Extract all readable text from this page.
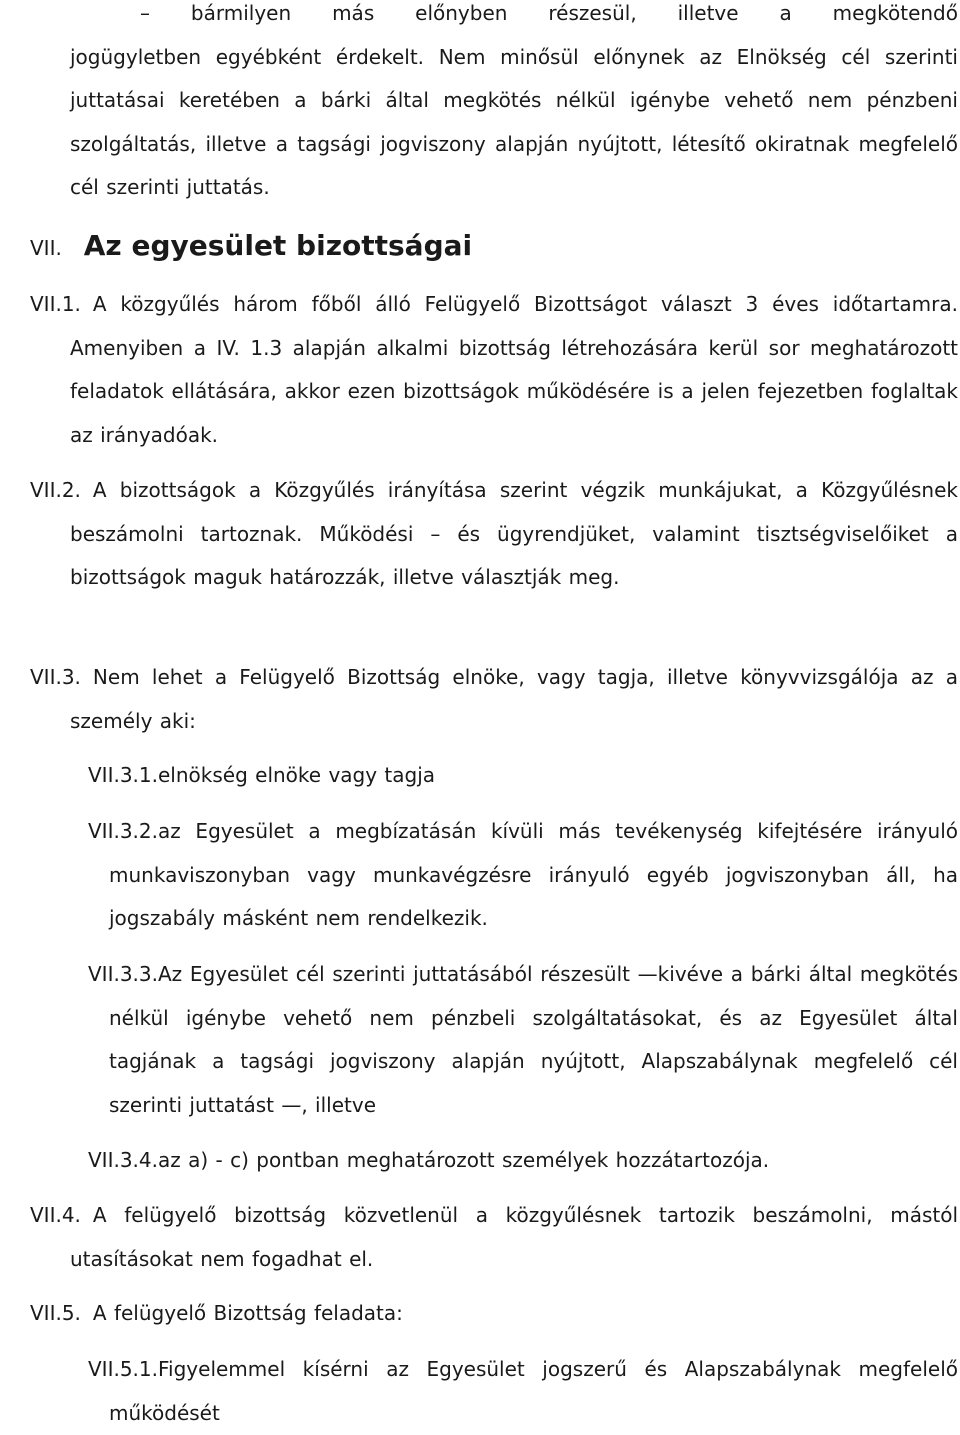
– bármilyen más előnyben részesül, illetve a megkötendő

jogügyletben egyébként érdekelt. Nem minősül előnynek az Elnökség cél szerinti juttatásai keretében a bárki által megkötés nélkül igénybe vehető nem pénzbeni szolgáltatás, illetve a tagsági jogviszony alapján nyújtott, létesítő okiratnak megfelelő cél szerinti juttatás.

VII. Az egyesület bizottságai

VII.1. A közgyűlés három főből álló Felügyelő Bizottságot választ 3 éves időtartamra. Amenyiben a IV. 1.3 alapján alkalmi bizottság létrehozására kerül sor meghatározott feladatok ellátására, akkor ezen bizottságok működésére is a jelen fejezetben foglaltak az irányadóak.

VII.2. A bizottságok a Közgyűlés irányítása szerint végzik munkájukat, a Közgyűlésnek beszámolni tartoznak. Működési – és ügyrendjüket, valamint tisztségviselőiket a bizottságok maguk határozzák, illetve választják meg.

VII.3. Nem lehet a Felügyelő Bizottság elnöke, vagy tagja, illetve könyvvizsgálója az a személy aki:

VII.3.1.elnökség elnöke vagy tagja

VII.3.2.az Egyesület a megbízatásán kívüli más tevékenység kifejtésére irányuló munkaviszonyban vagy munkavégzésre irányuló egyéb jogviszonyban áll, ha jogszabály másként nem rendelkezik.

VII.3.3.Az Egyesület cél szerinti juttatásából részesült —kivéve a bárki által megkötés nélkül igénybe vehető nem pénzbeli szolgáltatásokat, és az Egyesület által tagjának a tagsági jogviszony alapján nyújtott, Alapszabálynak megfelelő cél szerinti juttatást —, illetve

VII.3.4.az a) - c) pontban meghatározott személyek hozzátartozója.

VII.4. A felügyelő bizottság közvetlenül a közgyűlésnek tartozik beszámolni, mástól utasításokat nem fogadhat el.

VII.5. A felügyelő Bizottság feladata:

VII.5.1.Figyelemmel kísérni az Egyesület jogszerű és Alapszabálynak megfelelő működését
